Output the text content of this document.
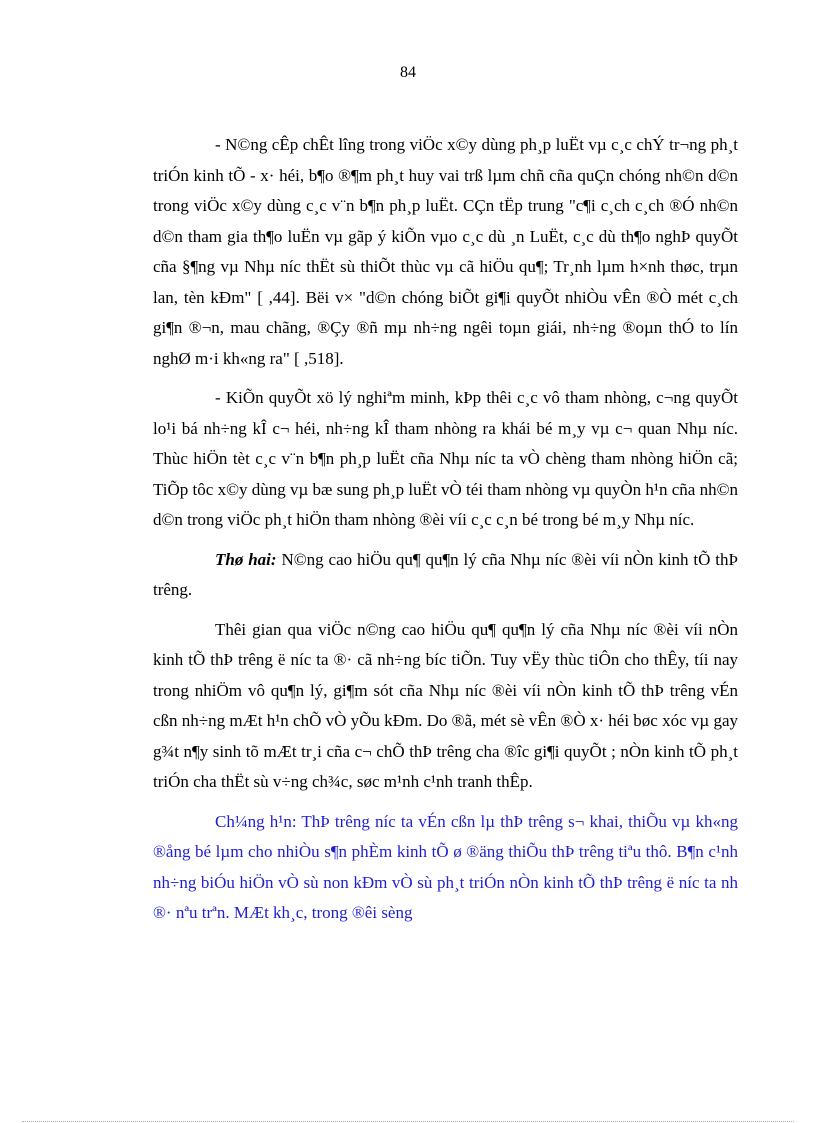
84

- N©ng cÊp chÊt lîng trong viÖc x©y dùng ph¸p luËt vµ c¸c chÝ tr¬ng ph¸t triÓn kinh tÕ - x· héi, b¶o ®¶m ph¸t huy vai trß lµm chñ cña quÇn chóng nh©n d©n trong viÖc x©y dùng c¸c v¨n b¶n ph¸p luËt. CÇn tËp trung "c¶i c¸ch c¸ch ®Ó nh©n d©n tham gia th¶o luËn vµ gãp ý kiÕn vµo c¸c dù ¸n LuËt, c¸c dù th¶o nghÞ quyÕt cña §¶ng vµ Nhµ níc thËt sù thiÕt thùc vµ cã hiÖu qu¶; Tr¸nh lµm h×nh thøc, trµn lan, tèn kÐm" [ ,44]. Bëi v× "d©n chóng biÕt gi¶i quyÕt nhiÒu vÊn ®Ò mét c¸ch gi¶n ®¬n, mau chãng, ®Çy ®ñ mµ nh÷ng ngêi toµn giái, nh÷ng ®oµn thÓ to lín nghØ m·i kh«ng ra" [ ,518].

- KiÕn quyÕt xö lý nghiªm minh, kÞp thêi c¸c vô tham nhòng, c¬ng quyÕt lo¹i bá nh÷ng kÎ c¬ héi, nh÷ng kÎ tham nhòng ra khái bé m¸y vµ c¬ quan Nhµ níc. Thùc hiÖn tèt c¸c v¨n b¶n ph¸p luËt cña Nhµ níc ta vÒ chèng tham nhòng hiÖn cã; TiÕp tôc x©y dùng vµ bæ sung ph¸p luËt vÒ téi tham nhòng vµ quyÒn h¹n cña nh©n d©n trong viÖc ph¸t hiÖn tham nhòng ®èi víi c¸c c¸n bé trong bé m¸y Nhµ níc.

Thø hai: N©ng cao hiÖu qu¶ qu¶n lý cña Nhµ níc ®èi víi nÒn kinh tÕ thÞ trêng.

Thêi gian qua viÖc n©ng cao hiÖu qu¶ qu¶n lý cña Nhµ níc ®èi víi nÒn kinh tÕ thÞ trêng ë níc ta ®· cã nh÷ng bíc tiÕn. Tuy vËy thùc tiÔn cho thÊy, tíi nay trong nhiÖm vô qu¶n lý, gi¶m sót cña Nhµ níc ®èi víi nÒn kinh tÕ thÞ trêng vÉn cßn nh÷ng mÆt h¹n chÕ vÒ yÕu kÐm. Do ®ã, mét sè vÊn ®Ò x· héi bøc xóc vµ gay g¾t n¶y sinh tõ mÆt tr¸i cña c¬ chÕ thÞ trêng cha ®îc gi¶i quyÕt ; nÒn kinh tÕ ph¸t triÓn cha thËt sù v÷ng ch¾c, søc m¹nh c¹nh tranh thÊp.

Ch¼ng h¹n: ThÞ trêng níc ta vÉn cßn lµ thÞ trêng s¬ khai, thiÕu vµ kh«ng ®ång bé lµm cho nhiÒu s¶n phÈm kinh tÕ ø ®äng thiÕu thÞ trêng tiªu thô. B¶n c¹nh nh÷ng biÓu hiÖn vÒ sù non kÐm vÒ sù ph¸t triÓn nÒn kinh tÕ thÞ trêng ë níc ta nh ®· nªu trªn. MÆt kh¸c, trong ®êi sèng
